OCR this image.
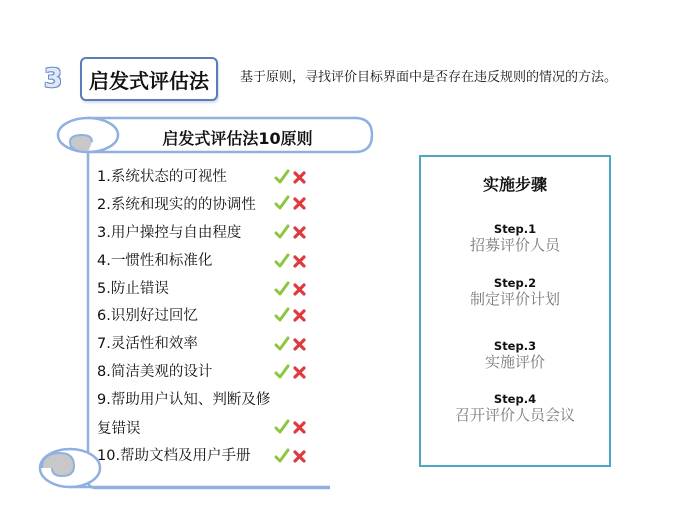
3	启发式评估法	基于原则，寻找评价目标界面中是否存在违反规则的情况的方法。
启发式评估法10原则
1.系统状态的可视性
2.系统和现实的的协调性
3.用户操控与自由程度
4.一惯性和标准化
5.防止错误
6.识别好过回忆
7.灵活性和效率
8.简洁美观的设计
9.帮助用户认知、判断及修
复错误
10.帮助文档及用户手册
实施步骤
Step.1
招募评价人员
Step.2
制定评价计划
Step.3
实施评价
Step.4
召开评价人员会议
